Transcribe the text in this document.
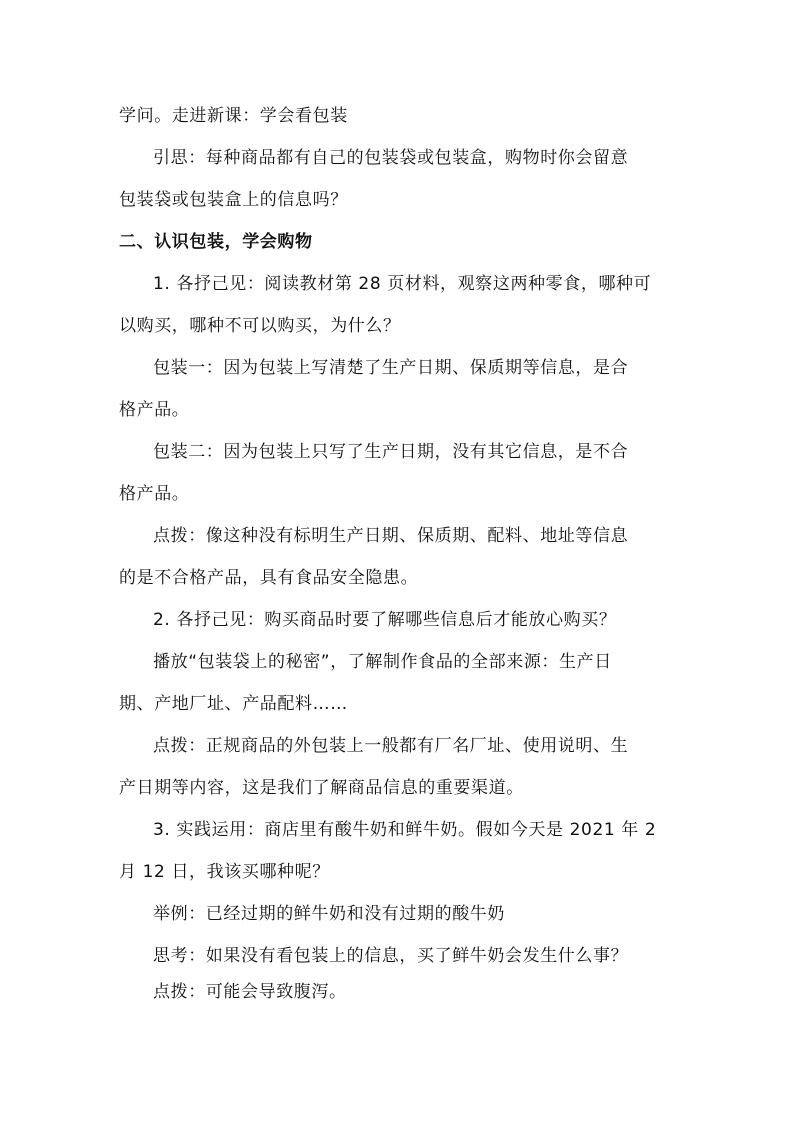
学问。走进新课：学会看包装
引思：每种商品都有自己的包装袋或包装盒，购物时你会留意
包装袋或包装盒上的信息吗？
二、认识包装，学会购物
1. 各抒己见：阅读教材第 28 页材料，观察这两种零食，哪种可
以购买，哪种不可以购买，为什么？
包装一：因为包装上写清楚了生产日期、保质期等信息，是合
格产品。
包装二：因为包装上只写了生产日期，没有其它信息，是不合
格产品。
点拨：像这种没有标明生产日期、保质期、配料、地址等信息
的是不合格产品，具有食品安全隐患。
2. 各抒己见：购买商品时要了解哪些信息后才能放心购买？
播放“包装袋上的秘密”，了解制作食品的全部来源：生产日
期、产地厂址、产品配料……
点拨：正规商品的外包装上一般都有厂名厂址、使用说明、生
产日期等内容，这是我们了解商品信息的重要渠道。
3. 实践运用：商店里有酸牛奶和鲜牛奶。假如今天是 2021 年 2
月 12 日，我该买哪种呢？
举例：已经过期的鲜牛奶和没有过期的酸牛奶
思考：如果没有看包装上的信息，买了鲜牛奶会发生什么事？
点拨：可能会导致腹泻。
